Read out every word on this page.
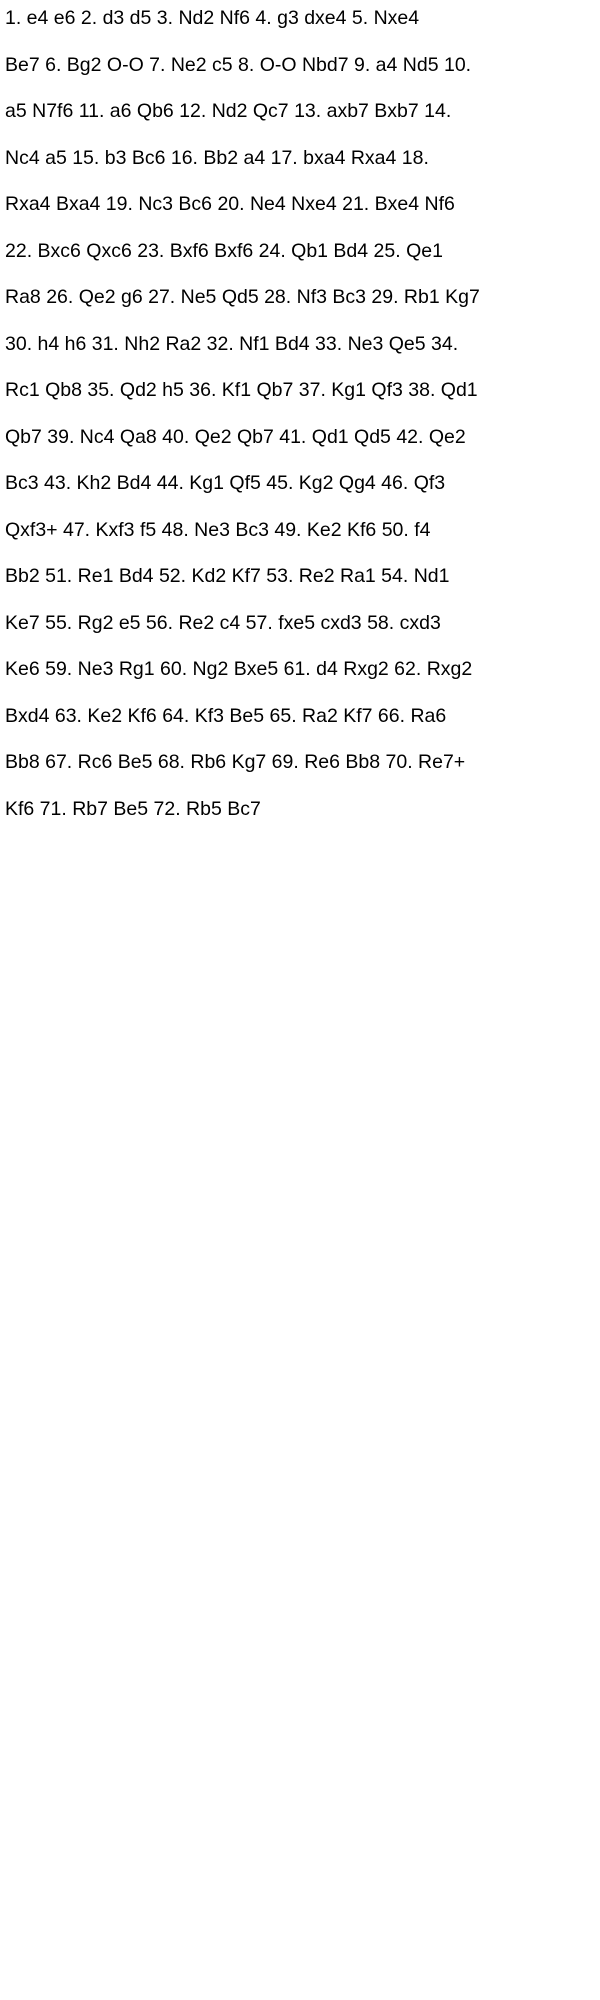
1. e4 e6 2. d3 d5 3. Nd2 Nf6 4. g3 dxe4 5. Nxe4
Be7 6. Bg2 O-O 7. Ne2 c5 8. O-O Nbd7 9. a4 Nd5 10.
a5 N7f6 11. a6 Qb6 12. Nd2 Qc7 13. axb7 Bxb7 14.
Nc4 a5 15. b3 Bc6 16. Bb2 a4 17. bxa4 Rxa4 18.
Rxa4 Bxa4 19. Nc3 Bc6 20. Ne4 Nxe4 21. Bxe4 Nf6
22. Bxc6 Qxc6 23. Bxf6 Bxf6 24. Qb1 Bd4 25. Qe1
Ra8 26. Qe2 g6 27. Ne5 Qd5 28. Nf3 Bc3 29. Rb1 Kg7
30. h4 h6 31. Nh2 Ra2 32. Nf1 Bd4 33. Ne3 Qe5 34.
Rc1 Qb8 35. Qd2 h5 36. Kf1 Qb7 37. Kg1 Qf3 38. Qd1
Qb7 39. Nc4 Qa8 40. Qe2 Qb7 41. Qd1 Qd5 42. Qe2
Bc3 43. Kh2 Bd4 44. Kg1 Qf5 45. Kg2 Qg4 46. Qf3
Qxf3+ 47. Kxf3 f5 48. Ne3 Bc3 49. Ke2 Kf6 50. f4
Bb2 51. Re1 Bd4 52. Kd2 Kf7 53. Re2 Ra1 54. Nd1
Ke7 55. Rg2 e5 56. Re2 c4 57. fxe5 cxd3 58. cxd3
Ke6 59. Ne3 Rg1 60. Ng2 Bxe5 61. d4 Rxg2 62. Rxg2
Bxd4 63. Ke2 Kf6 64. Kf3 Be5 65. Ra2 Kf7 66. Ra6
Bb8 67. Rc6 Be5 68. Rb6 Kg7 69. Re6 Bb8 70. Re7+
Kf6 71. Rb7 Be5 72. Rb5 Bc7
